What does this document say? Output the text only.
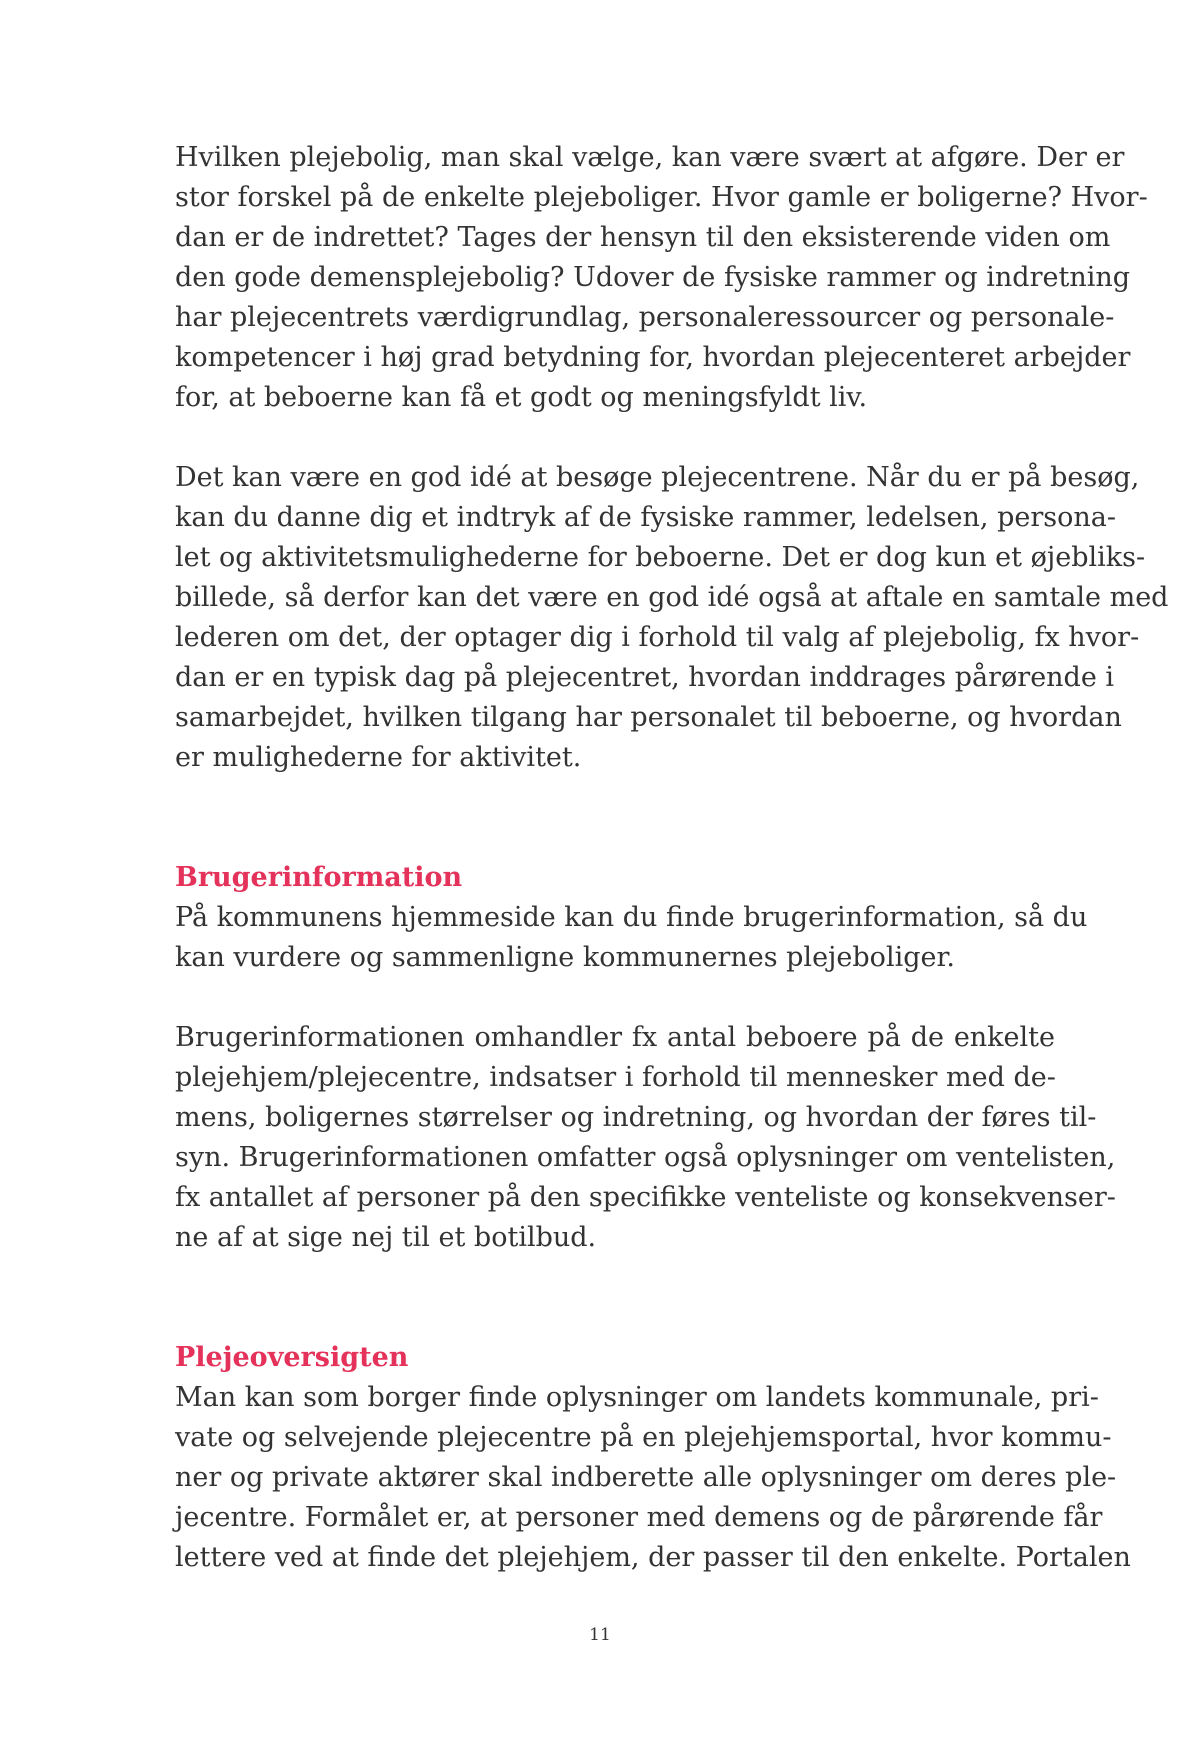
Hvilken plejebolig, man skal vælge, kan være svært at afgøre. Der er
stor forskel på de enkelte plejeboliger. Hvor gamle er boligerne? Hvor-
dan er de indrettet? Tages der hensyn til den eksisterende viden om
den gode demensplejebolig? Udover de fysiske rammer og indretning
har plejecentrets værdigrundlag, personaleressourcer og personale-
kompetencer i høj grad betydning for, hvordan plejecenteret arbejder
for, at beboerne kan få et godt og meningsfyldt liv.
Det kan være en god idé at besøge plejecentrene. Når du er på besøg,
kan du danne dig et indtryk af de fysiske rammer, ledelsen, persona-
let og aktivitetsmulighederne for beboerne. Det er dog kun et øjebliks-
billede, så derfor kan det være en god idé også at aftale en samtale med
lederen om det, der optager dig i forhold til valg af plejebolig, fx hvor-
dan er en typisk dag på plejecentret, hvordan inddrages pårørende i
samarbejdet, hvilken tilgang har personalet til beboerne, og hvordan
er mulighederne for aktivitet.
Brugerinformation
På kommunens hjemmeside kan du finde brugerinformation, så du
kan vurdere og sammenligne kommunernes plejeboliger.
Brugerinformationen omhandler fx antal beboere på de enkelte
plejehjem/plejecentre, indsatser i forhold til mennesker med de-
mens, boligernes størrelser og indretning, og hvordan der føres til-
syn. Brugerinformationen omfatter også oplysninger om ventelisten,
fx antallet af personer på den specifikke venteliste og konsekvenser-
ne af at sige nej til et botilbud.
Plejeoversigten
Man kan som borger finde oplysninger om landets kommunale, pri-
vate og selvejende plejecentre på en plejehjemsportal, hvor kommu-
ner og private aktører skal indberette alle oplysninger om deres ple-
jecentre. Formålet er, at personer med demens og de pårørende får
lettere ved at finde det plejehjem, der passer til den enkelte. Portalen
11
